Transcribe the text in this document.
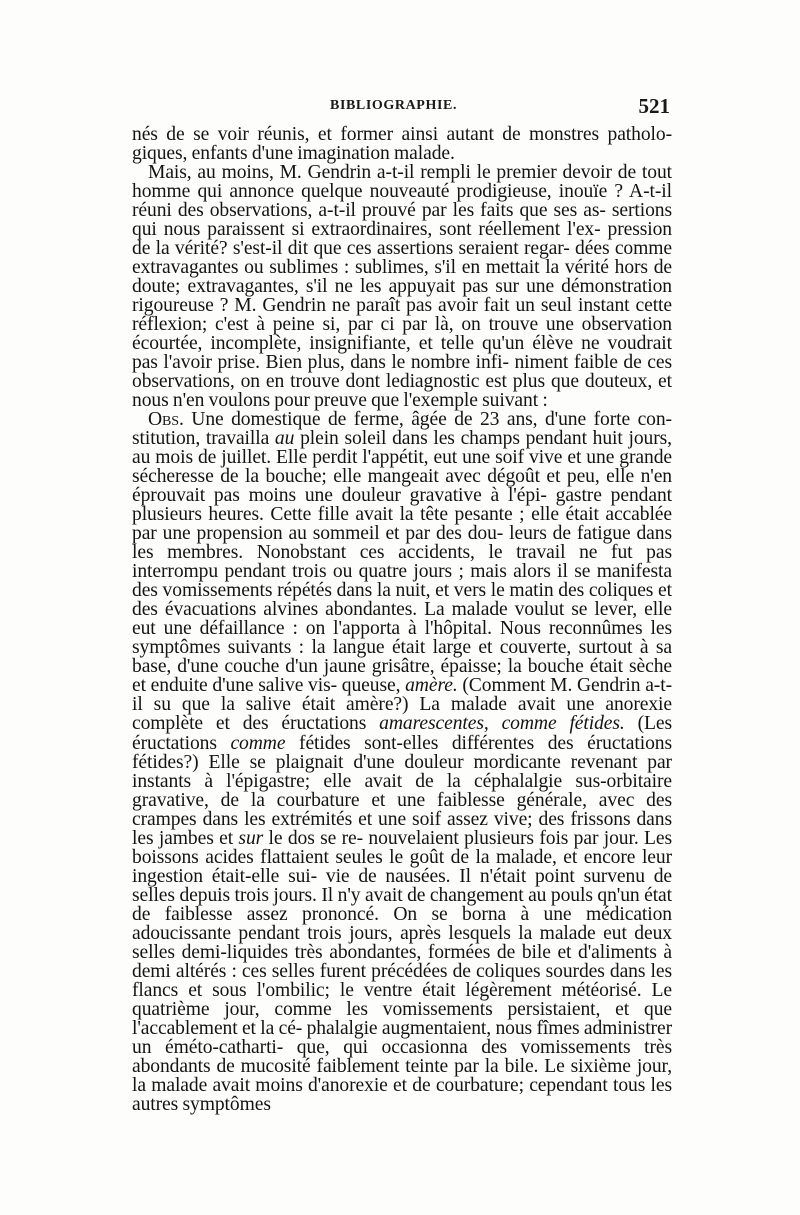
BIBLIOGRAPHIE.	521

nés de se voir réunis, et former ainsi autant de monstres patholo- giques, enfants d'une imagination malade.

Mais, au moins, M. Gendrin a-t-il rempli le premier devoir de tout homme qui annonce quelque nouveauté prodigieuse, inouïe ? A-t-il réuni des observations, a-t-il prouvé par les faits que ses as- sertions qui nous paraissent si extraordinaires, sont réellement l'ex- pression de la vérité? s'est-il dit que ces assertions seraient regar- dées comme extravagantes ou sublimes : sublimes, s'il en mettait la vérité hors de doute; extravagantes, s'il ne les appuyait pas sur une démonstration rigoureuse ? M. Gendrin ne paraît pas avoir fait un seul instant cette réflexion; c'est à peine si, par ci par là, on trouve une observation écourtée, incomplète, insignifiante, et telle qu'un élève ne voudrait pas l'avoir prise. Bien plus, dans le nombre infi- niment faible de ces observations, on en trouve dont lediagnostic est plus que douteux, et nous n'en voulons pour preuve que l'exemple suivant :

Obs. Une domestique de ferme, âgée de 23 ans, d'une forte con- stitution, travailla au plein soleil dans les champs pendant huit jours, au mois de juillet. Elle perdit l'appétit, eut une soif vive et une grande sécheresse de la bouche; elle mangeait avec dégoût et peu, elle n'en éprouvait pas moins une douleur gravative à l'épi- gastre pendant plusieurs heures. Cette fille avait la tête pesante ; elle était accablée par une propension au sommeil et par des dou- leurs de fatigue dans les membres. Nonobstant ces accidents, le travail ne fut pas interrompu pendant trois ou quatre jours ; mais alors il se manifesta des vomissements répétés dans la nuit, et vers le matin des coliques et des évacuations alvines abondantes. La malade voulut se lever, elle eut une défaillance : on l'apporta à l'hôpital. Nous reconnûmes les symptômes suivants : la langue était large et couverte, surtout à sa base, d'une couche d'un jaune grisâtre, épaisse; la bouche était sèche et enduite d'une salive vis- queuse, amère. (Comment M. Gendrin a-t-il su que la salive était amère?) La malade avait une anorexie complète et des éructations amarescentes, comme fétides. (Les éructations comme fétides sont-elles différentes des éructations fétides?) Elle se plaignait d'une douleur mordicante revenant par instants à l'épigastre; elle avait de la céphalalgie sus-orbitaire gravative, de la courbature et une faiblesse générale, avec des crampes dans les extrémités et une soif assez vive; des frissons dans les jambes et sur le dos se re- nouvelaient plusieurs fois par jour. Les boissons acides flattaient seules le goût de la malade, et encore leur ingestion était-elle sui- vie de nausées. Il n'était point survenu de selles depuis trois jours. Il n'y avait de changement au pouls qn'un état de faiblesse assez prononcé. On se borna à une médication adoucissante pendant trois jours, après lesquels la malade eut deux selles demi-liquides très abondantes, formées de bile et d'aliments à demi altérés : ces selles furent précédées de coliques sourdes dans les flancs et sous l'ombilic; le ventre était légèrement météorisé. Le quatrième jour, comme les vomissements persistaient, et que l'accablement et la cé- phalalgie augmentaient, nous fîmes administrer un éméto-catharti- que, qui occasionna des vomissements très abondants de mucosité faiblement teinte par la bile. Le sixième jour, la malade avait moins d'anorexie et de courbature; cependant tous les autres symptômes
